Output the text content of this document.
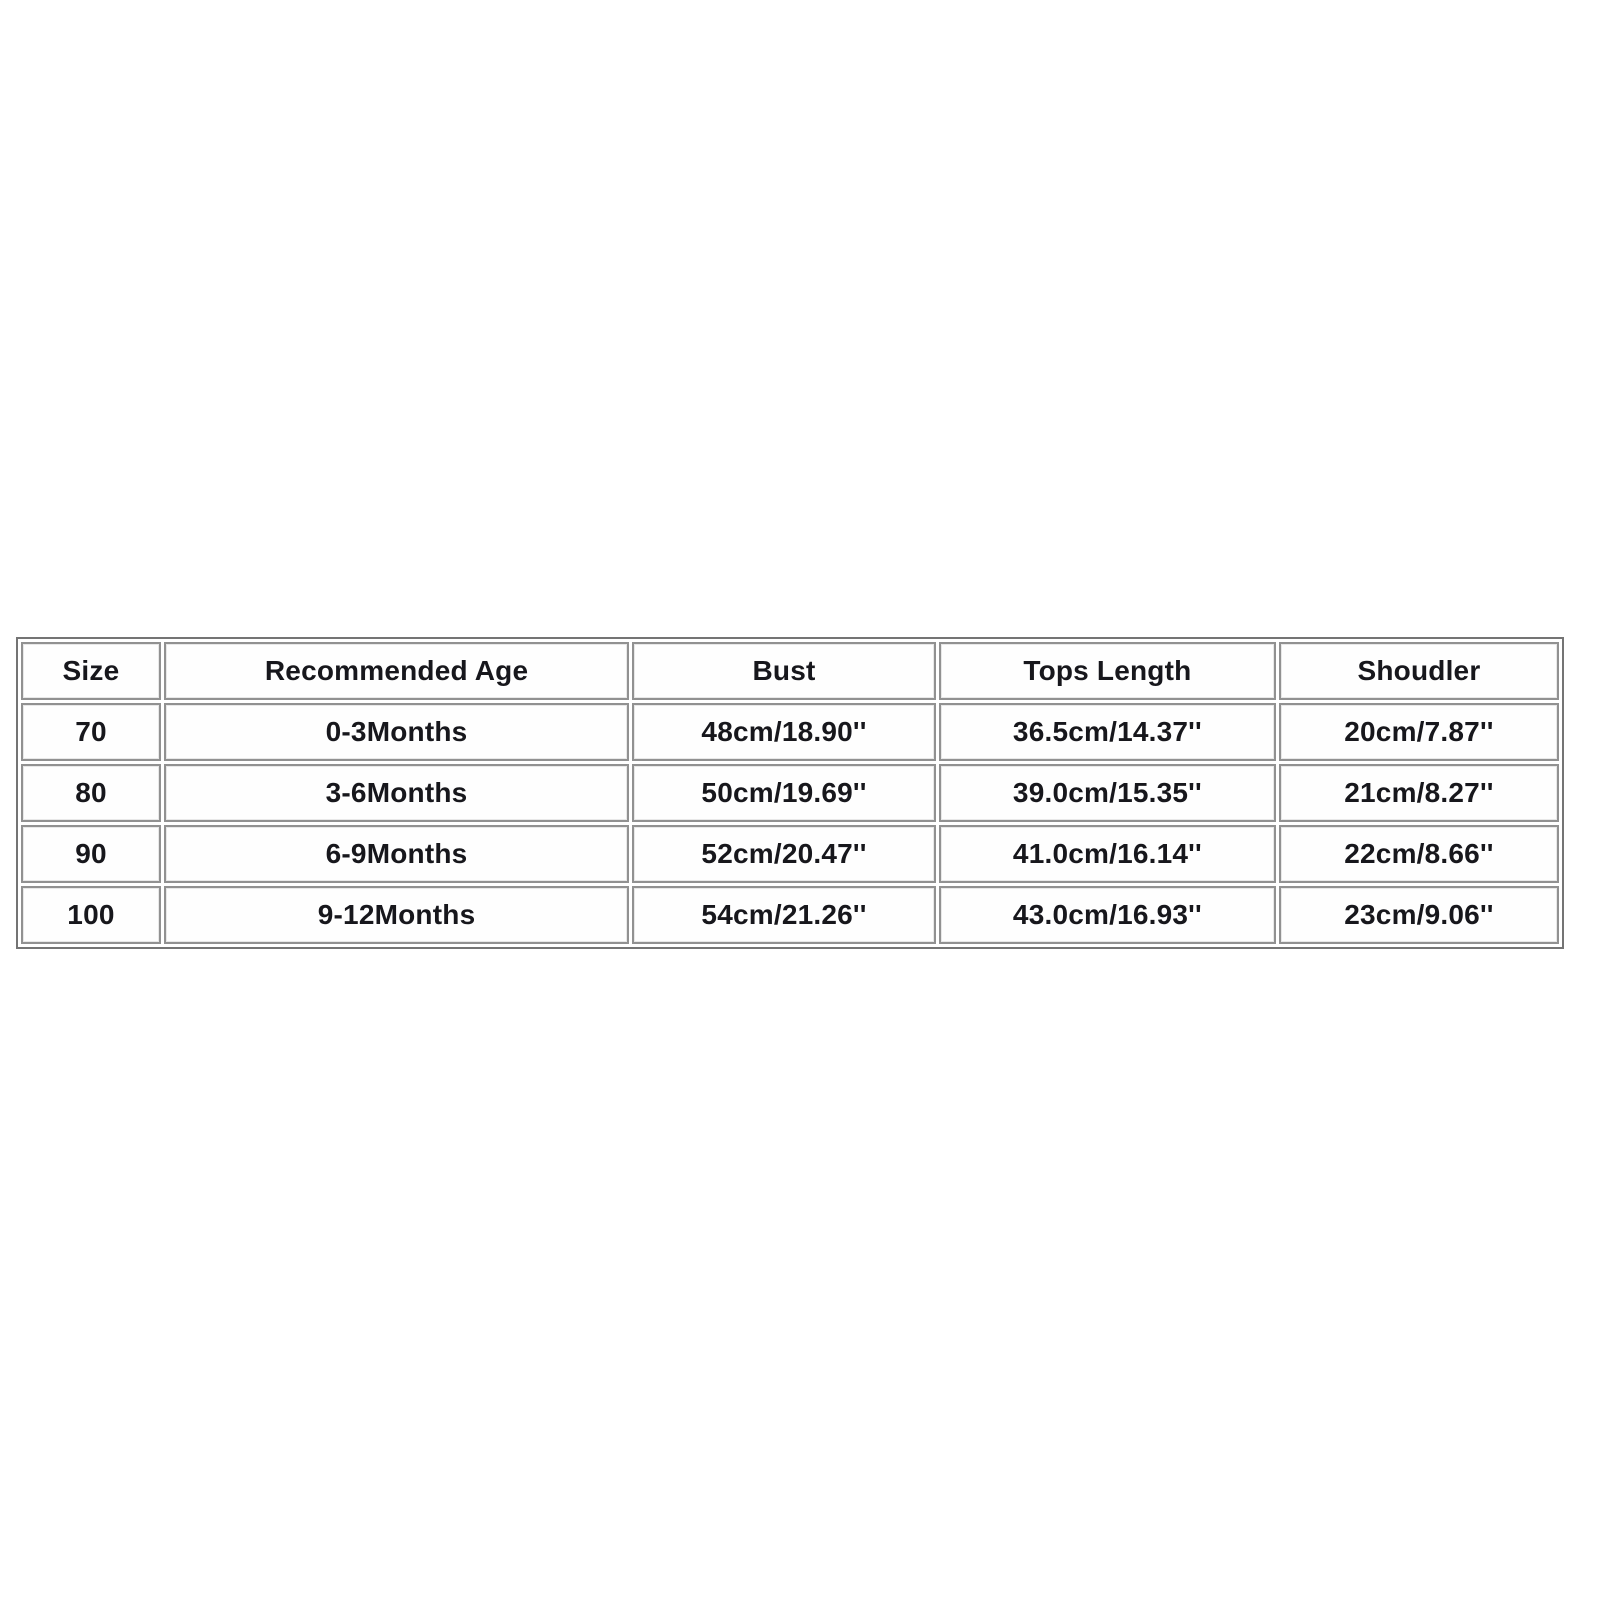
Size	Recommended Age	Bust	Tops Length	Shoudler
70	0-3Months	48cm/18.90''	36.5cm/14.37''	20cm/7.87''
80	3-6Months	50cm/19.69''	39.0cm/15.35''	21cm/8.27''
90	6-9Months	52cm/20.47''	41.0cm/16.14''	22cm/8.66''
100	9-12Months	54cm/21.26''	43.0cm/16.93''	23cm/9.06''
